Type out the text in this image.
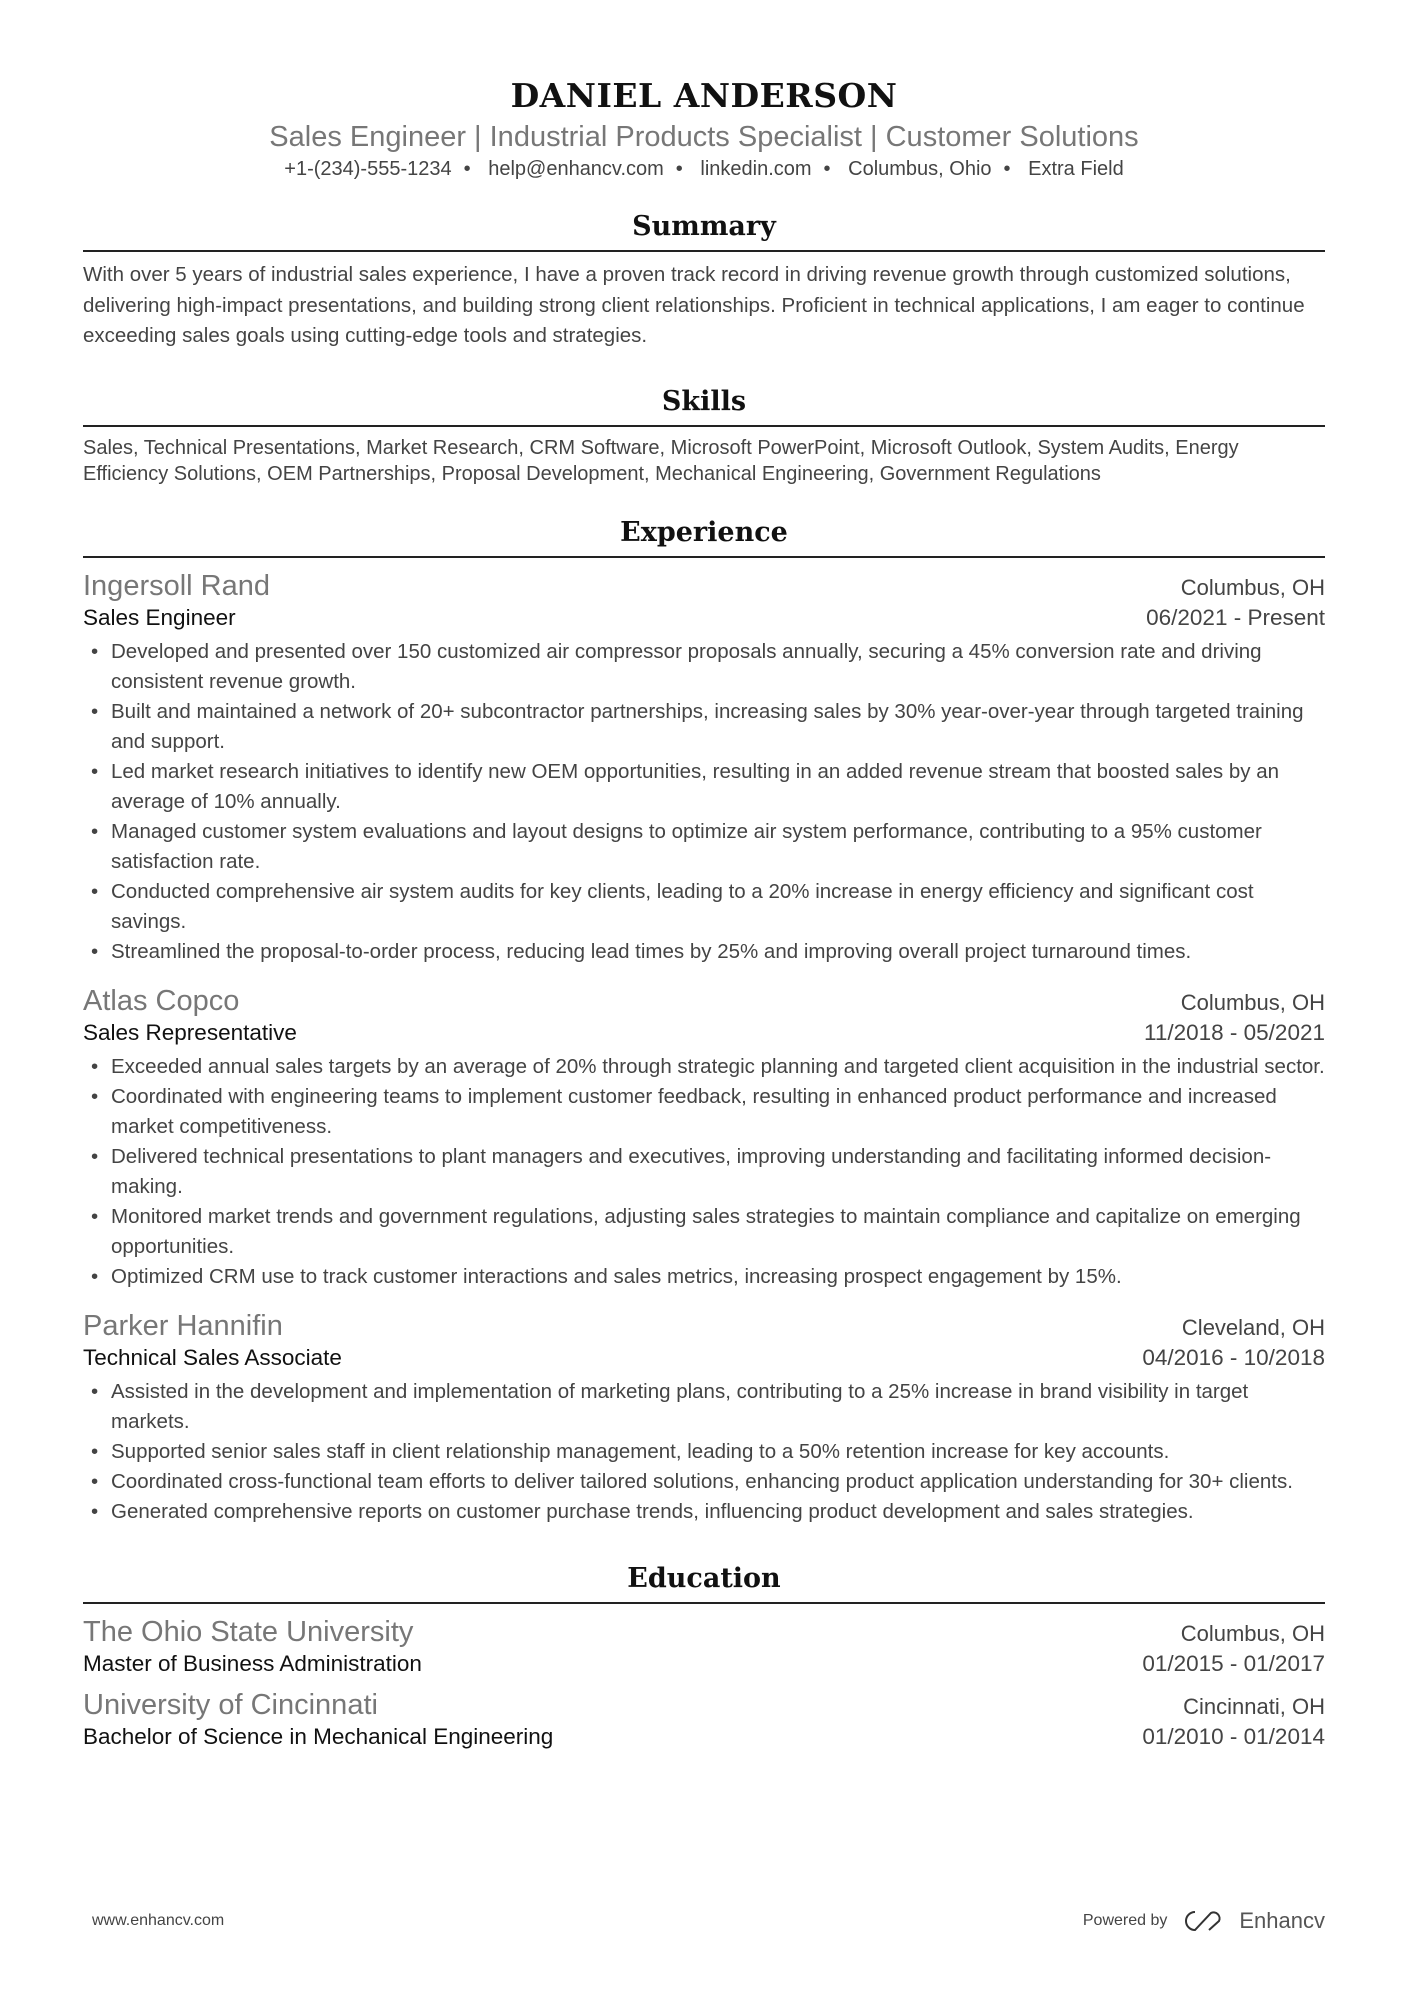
DANIEL ANDERSON
Sales Engineer | Industrial Products Specialist | Customer Solutions
+1-(234)-555-1234 • help@enhancv.com • linkedin.com • Columbus, Ohio • Extra Field
Summary
With over 5 years of industrial sales experience, I have a proven track record in driving revenue growth through customized solutions, delivering high-impact presentations, and building strong client relationships. Proficient in technical applications, I am eager to continue exceeding sales goals using cutting-edge tools and strategies.
Skills
Sales, Technical Presentations, Market Research, CRM Software, Microsoft PowerPoint, Microsoft Outlook, System Audits, Energy Efficiency Solutions, OEM Partnerships, Proposal Development, Mechanical Engineering, Government Regulations
Experience
Ingersoll Rand	Columbus, OH
Sales Engineer	06/2021 - Present
• Developed and presented over 150 customized air compressor proposals annually, securing a 45% conversion rate and driving consistent revenue growth.
• Built and maintained a network of 20+ subcontractor partnerships, increasing sales by 30% year-over-year through targeted training and support.
• Led market research initiatives to identify new OEM opportunities, resulting in an added revenue stream that boosted sales by an average of 10% annually.
• Managed customer system evaluations and layout designs to optimize air system performance, contributing to a 95% customer satisfaction rate.
• Conducted comprehensive air system audits for key clients, leading to a 20% increase in energy efficiency and significant cost savings.
• Streamlined the proposal-to-order process, reducing lead times by 25% and improving overall project turnaround times.
Atlas Copco	Columbus, OH
Sales Representative	11/2018 - 05/2021
• Exceeded annual sales targets by an average of 20% through strategic planning and targeted client acquisition in the industrial sector.
• Coordinated with engineering teams to implement customer feedback, resulting in enhanced product performance and increased market competitiveness.
• Delivered technical presentations to plant managers and executives, improving understanding and facilitating informed decision-making.
• Monitored market trends and government regulations, adjusting sales strategies to maintain compliance and capitalize on emerging opportunities.
• Optimized CRM use to track customer interactions and sales metrics, increasing prospect engagement by 15%.
Parker Hannifin	Cleveland, OH
Technical Sales Associate	04/2016 - 10/2018
• Assisted in the development and implementation of marketing plans, contributing to a 25% increase in brand visibility in target markets.
• Supported senior sales staff in client relationship management, leading to a 50% retention increase for key accounts.
• Coordinated cross-functional team efforts to deliver tailored solutions, enhancing product application understanding for 30+ clients.
• Generated comprehensive reports on customer purchase trends, influencing product development and sales strategies.
Education
The Ohio State University	Columbus, OH
Master of Business Administration	01/2015 - 01/2017
University of Cincinnati	Cincinnati, OH
Bachelor of Science in Mechanical Engineering	01/2010 - 01/2014
www.enhancv.com	Powered by	Enhancv
